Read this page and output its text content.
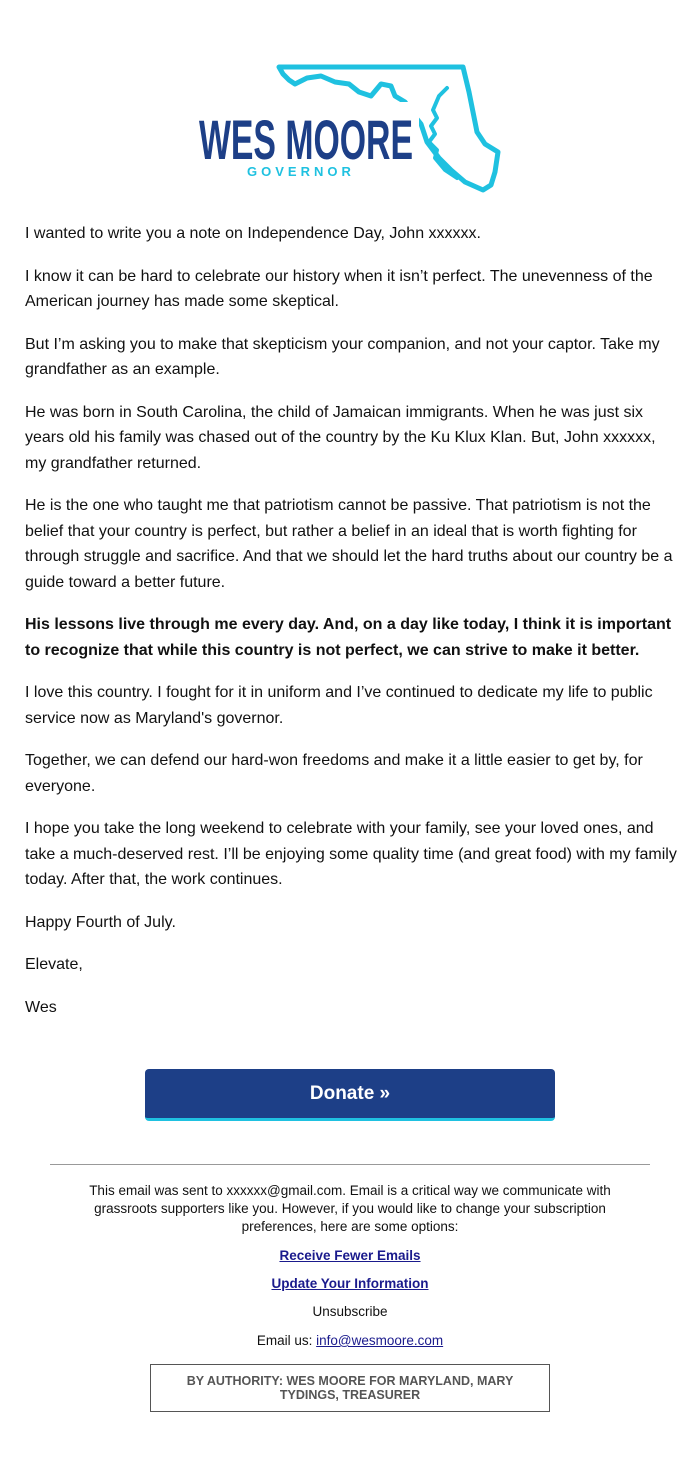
WES MOORE
GOVERNOR

I wanted to write you a note on Independence Day, John xxxxxx.

I know it can be hard to celebrate our history when it isn’t perfect. The unevenness of the American journey has made some skeptical.

But I’m asking you to make that skepticism your companion, and not your captor. Take my grandfather as an example.

He was born in South Carolina, the child of Jamaican immigrants. When he was just six years old his family was chased out of the country by the Ku Klux Klan. But, John xxxxxx, my grandfather returned.

He is the one who taught me that patriotism cannot be passive. That patriotism is not the belief that your country is perfect, but rather a belief in an ideal that is worth fighting for through struggle and sacrifice. And that we should let the hard truths about our country be a guide toward a better future.

His lessons live through me every day. And, on a day like today, I think it is important to recognize that while this country is not perfect, we can strive to make it better.

I love this country. I fought for it in uniform and I’ve continued to dedicate my life to public service now as Maryland's governor.

Together, we can defend our hard-won freedoms and make it a little easier to get by, for everyone.

I hope you take the long weekend to celebrate with your family, see your loved ones, and take a much-deserved rest. I’ll be enjoying some quality time (and great food) with my family today. After that, the work continues.

Happy Fourth of July.

Elevate,

Wes

Donate »
This email was sent to xxxxxx@gmail.com. Email is a critical way we communicate with grassroots supporters like you. However, if you would like to change your subscription preferences, here are some options:
Receive Fewer Emails
Update Your Information
Unsubscribe
Email us: info@wesmoore.com
BY AUTHORITY: WES MOORE FOR MARYLAND, MARY TYDINGS, TREASURER
